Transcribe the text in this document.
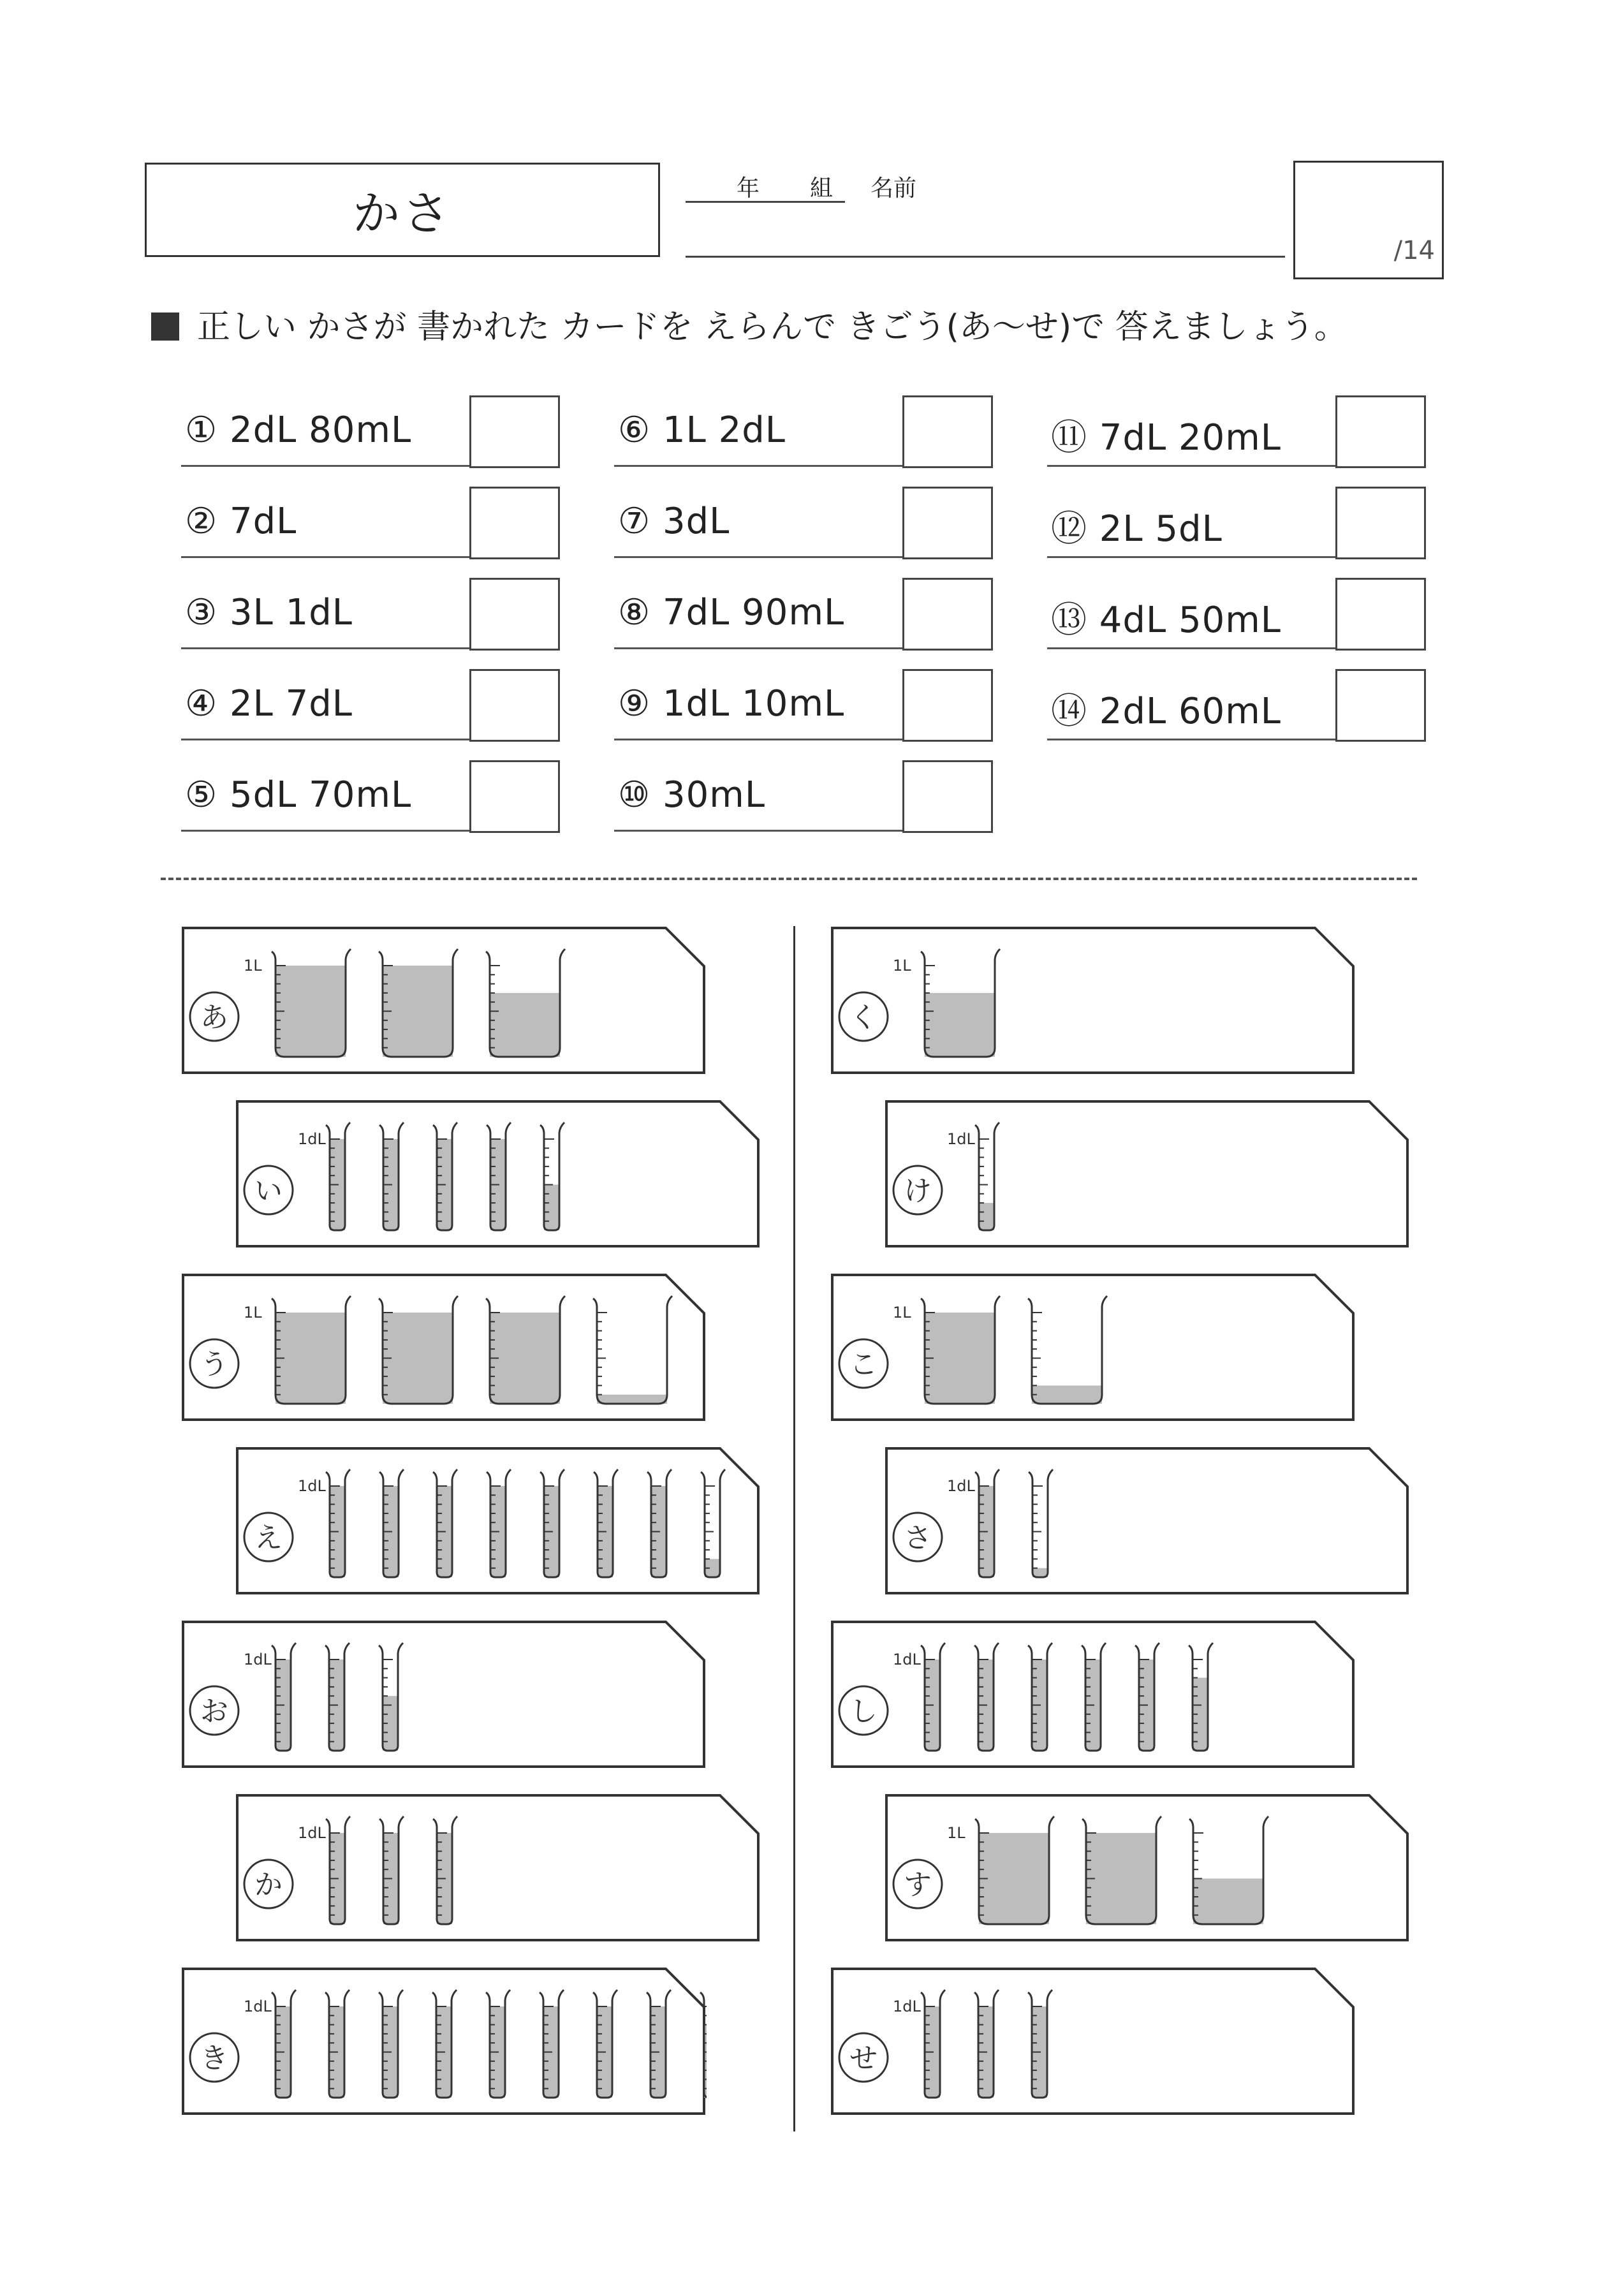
かさ	年 組 名前
/14
正しい かさが 書かれた カードを えらんで きごう(あ〜せ)で 答えましょう。
① 2dL 80mL
② 7dL
③ 3L 1dL
④ 2L 7dL
⑤ 5dL 70mL
⑥ 1L 2dL
⑦ 3dL
⑧ 7dL 90mL
⑨ 1dL 10mL
⑩ 30mL
⑪ 7dL 20mL
⑫ 2L 5dL
⑬ 4dL 50mL
⑭ 2dL 60mL
あ
1L
い
1dL
う
1L
え
1dL
お
1dL
か
1dL
き
1dL
く
1L
け
1dL
こ
1L
さ
1dL
し
1dL
す
1L
せ
1dL
